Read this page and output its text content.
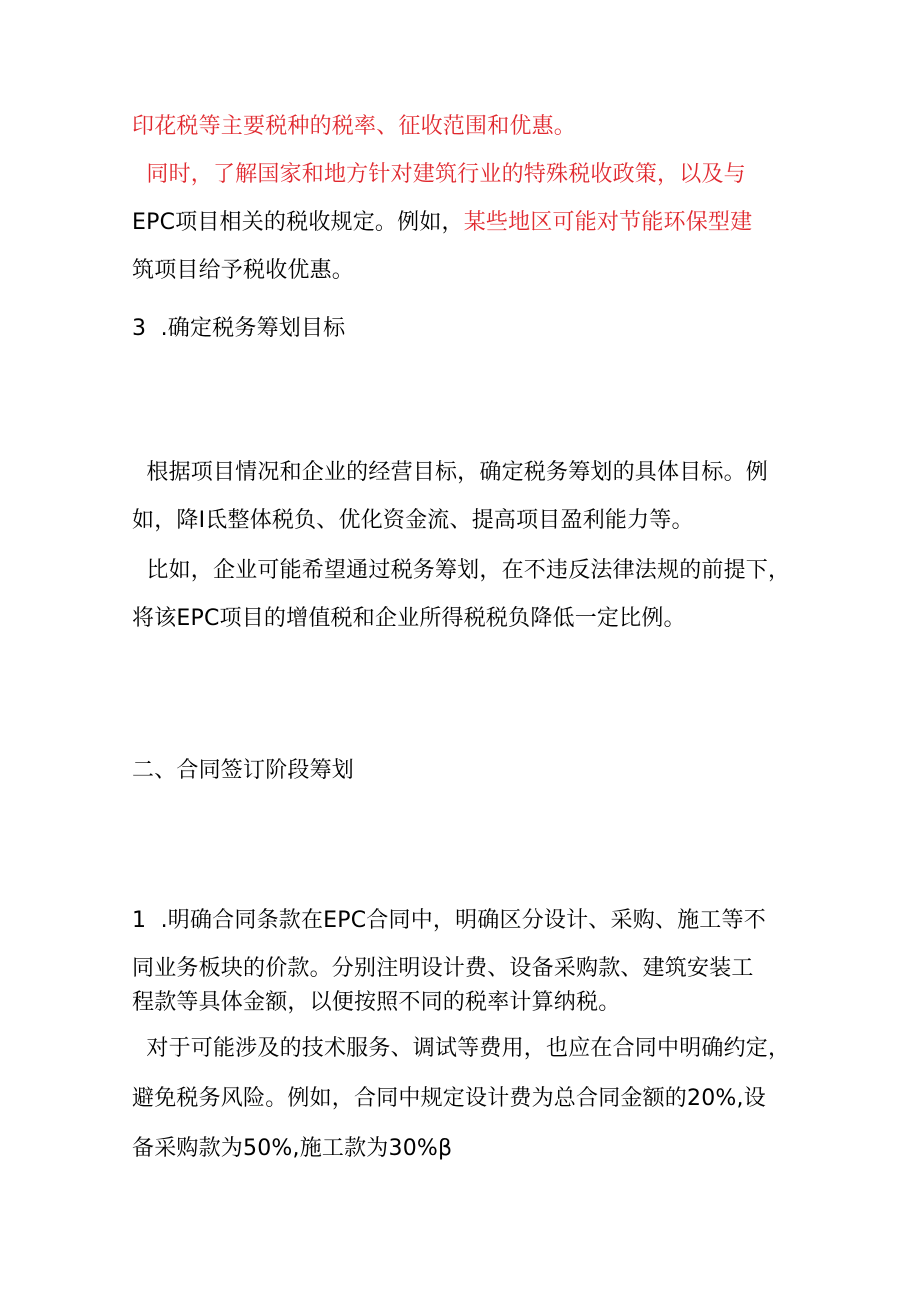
印花税等主要税种的税率、征收范围和优惠。
同时，了解国家和地方针对建筑行业的特殊税收政策，以及与
EPC项目相关的税收规定。例如，某些地区可能对节能环保型建
筑项目给予税收优惠。
3  .确定税务筹划目标
根据项目情况和企业的经营目标，确定税务筹划的具体目标。例
如，降I氐整体税负、优化资金流、提高项目盈利能力等。
比如，企业可能希望通过税务筹划，在不违反法律法规的前提下，
将该EPC项目的增值税和企业所得税税负降低一定比例。
二、合同签订阶段筹划
1  .明确合同条款在EPC合同中，明确区分设计、采购、施工等不
同业务板块的价款。分别注明设计费、设备采购款、建筑安装工
程款等具体金额，以便按照不同的税率计算纳税。
对于可能涉及的技术服务、调试等费用，也应在合同中明确约定，
避免税务风险。例如，合同中规定设计费为总合同金额的20%,设
备采购款为50%,施工款为30%β
